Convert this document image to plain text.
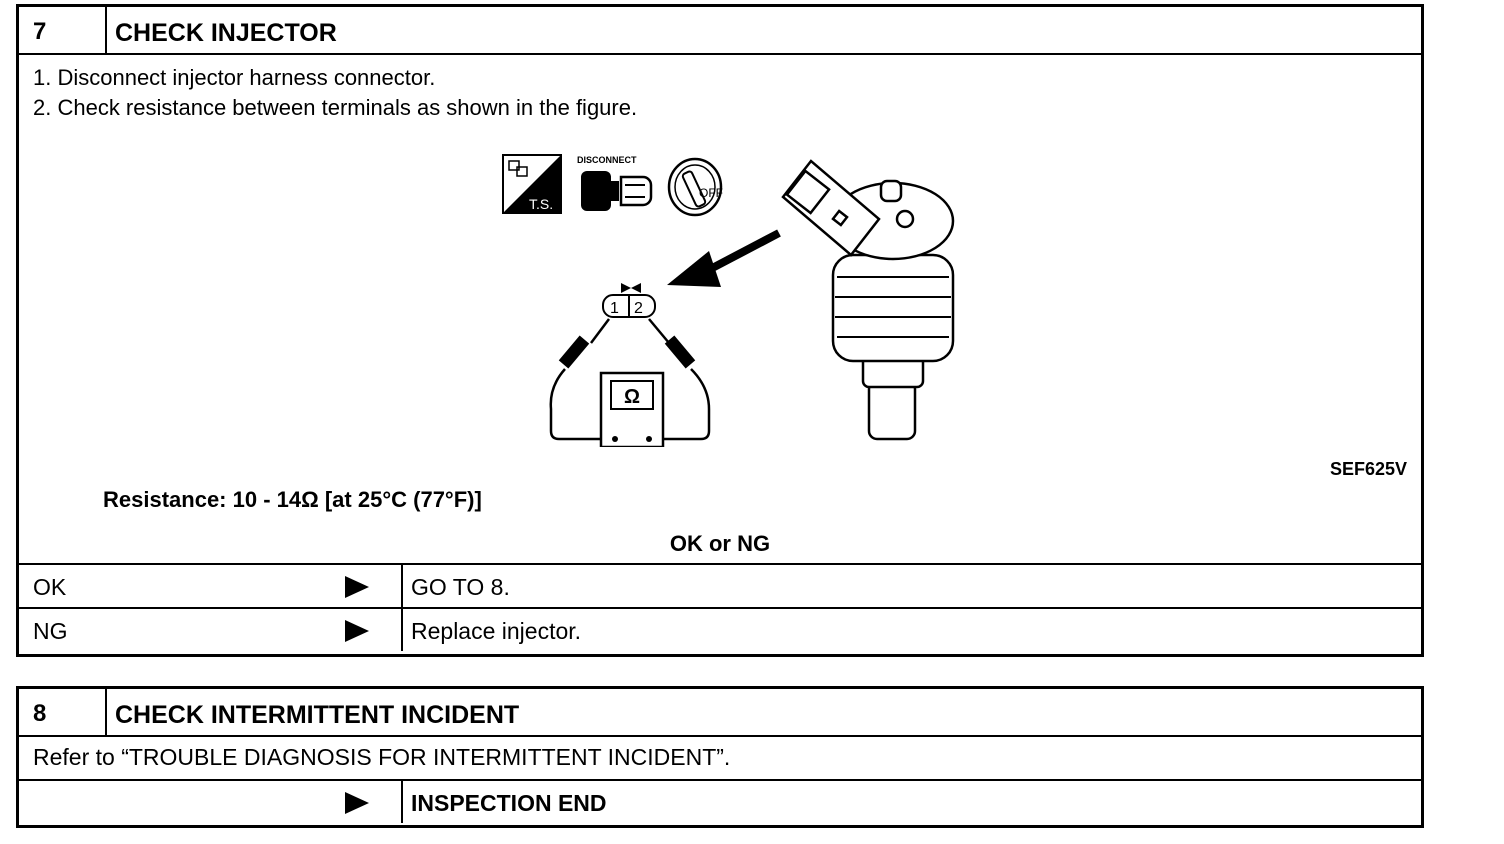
7	CHECK INJECTOR
1. Disconnect injector harness connector.
2. Check resistance between terminals as shown in the figure.
T.S.
DISCONNECT
OFF
1 2
Ω
SEF625V
Resistance: 10 - 14Ω [at 25°C (77°F)]
OK or NG
OK	GO TO 8.
NG	Replace injector.
8	CHECK INTERMITTENT INCIDENT
Refer to “TROUBLE DIAGNOSIS FOR INTERMITTENT INCIDENT”.
INSPECTION END
